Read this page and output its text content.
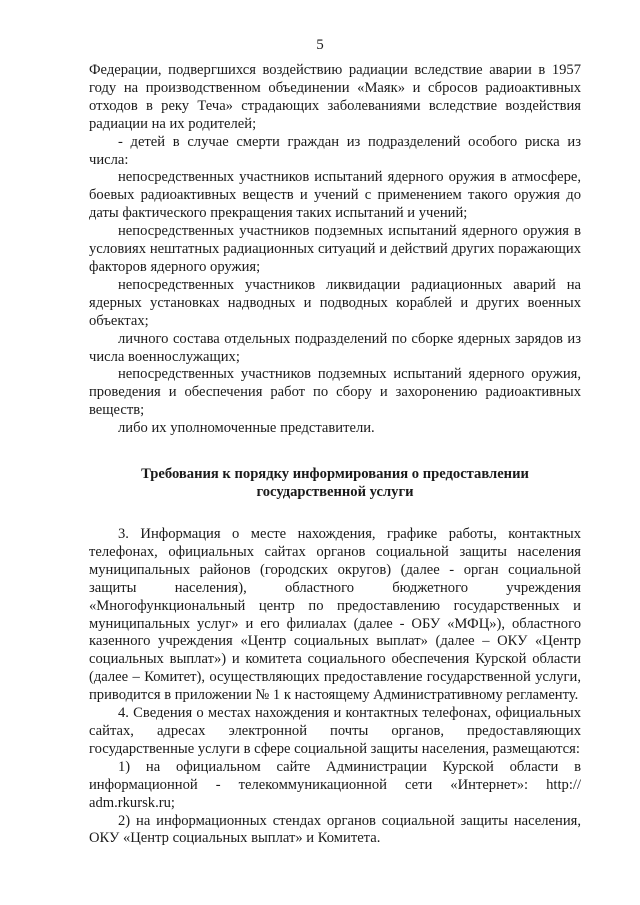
5

Федерации, подвергшихся воздействию радиации вследствие аварии в 1957 году на производственном объединении «Маяк» и сбросов радиоактивных отходов в реку Теча» страдающих заболеваниями вследствие воздействия радиации на их родителей;

- детей в случае смерти граждан из подразделений особого риска из числа:

непосредственных участников испытаний ядерного оружия в атмосфере, боевых радиоактивных веществ и учений с применением такого оружия до даты фактического прекращения таких испытаний и учений;

непосредственных участников подземных испытаний ядерного оружия в условиях нештатных радиационных ситуаций и действий других поражающих факторов ядерного оружия;

непосредственных участников ликвидации радиационных аварий на ядерных установках надводных и подводных кораблей и других военных объектах;

личного состава отдельных подразделений по сборке ядерных зарядов из числа военнослужащих;

непосредственных участников подземных испытаний ядерного оружия, проведения и обеспечения работ по сбору и захоронению радиоактивных веществ;

либо их уполномоченные представители.

Требования к порядку информирования о предоставлении
государственной услуги

3. Информация о месте нахождения, графике работы, контактных телефонах, официальных сайтах органов социальной защиты населения муниципальных районов (городских округов) (далее - орган социальной защиты населения), областного бюджетного учреждения «Многофункциональный центр по предоставлению государственных и муниципальных услуг» и его филиалах (далее - ОБУ «МФЦ»), областного казенного учреждения «Центр социальных выплат» (далее – ОКУ «Центр социальных выплат») и комитета социального обеспечения Курской области (далее – Комитет), осуществляющих предоставление государственной услуги, приводится в приложении № 1 к настоящему Административному регламенту.

4. Сведения о местах нахождения и контактных телефонах, официальных сайтах, адресах электронной почты органов, предоставляющих государственные услуги в сфере социальной защиты населения, размещаются:

1) на официальном сайте Администрации Курской области в информационной - телекоммуникационной сети «Интернет»: http:// adm.rkursk.ru;

2) на информационных стендах органов социальной защиты населения, ОКУ «Центр социальных выплат» и Комитета.
